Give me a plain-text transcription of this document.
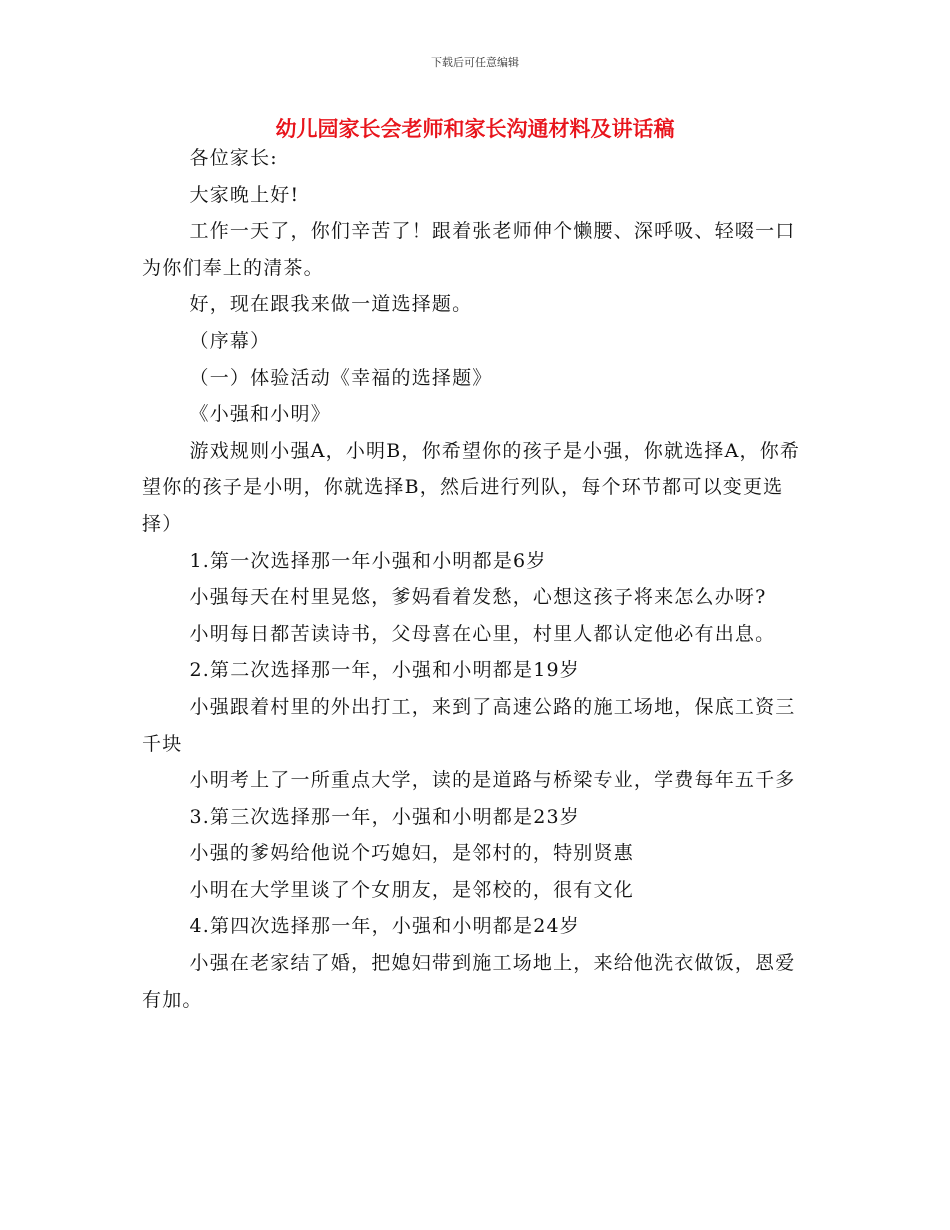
下载后可任意编辑
幼儿园家长会老师和家长沟通材料及讲话稿

各位家长:

大家晚上好!

工作一天了，你们辛苦了！跟着张老师伸个懒腰、深呼吸、轻啜一口为你们奉上的清茶。

好，现在跟我来做一道选择题。

（序幕）

（一）体验活动《幸福的选择题》

《小强和小明》

游戏规则小强A，小明B，你希望你的孩子是小强，你就选择A，你希望你的孩子是小明，你就选择B，然后进行列队，每个环节都可以变更选择）

1.第一次选择那一年小强和小明都是6岁

小强每天在村里晃悠，爹妈看着发愁，心想这孩子将来怎么办呀?

小明每日都苦读诗书，父母喜在心里，村里人都认定他必有出息。

2.第二次选择那一年，小强和小明都是19岁

小强跟着村里的外出打工，来到了高速公路的施工场地，保底工资三千块

小明考上了一所重点大学，读的是道路与桥梁专业，学费每年五千多

3.第三次选择那一年，小强和小明都是23岁

小强的爹妈给他说个巧媳妇，是邻村的，特别贤惠

小明在大学里谈了个女朋友，是邻校的，很有文化

4.第四次选择那一年，小强和小明都是24岁

小强在老家结了婚，把媳妇带到施工场地上，来给他洗衣做饭，恩爱有加。
